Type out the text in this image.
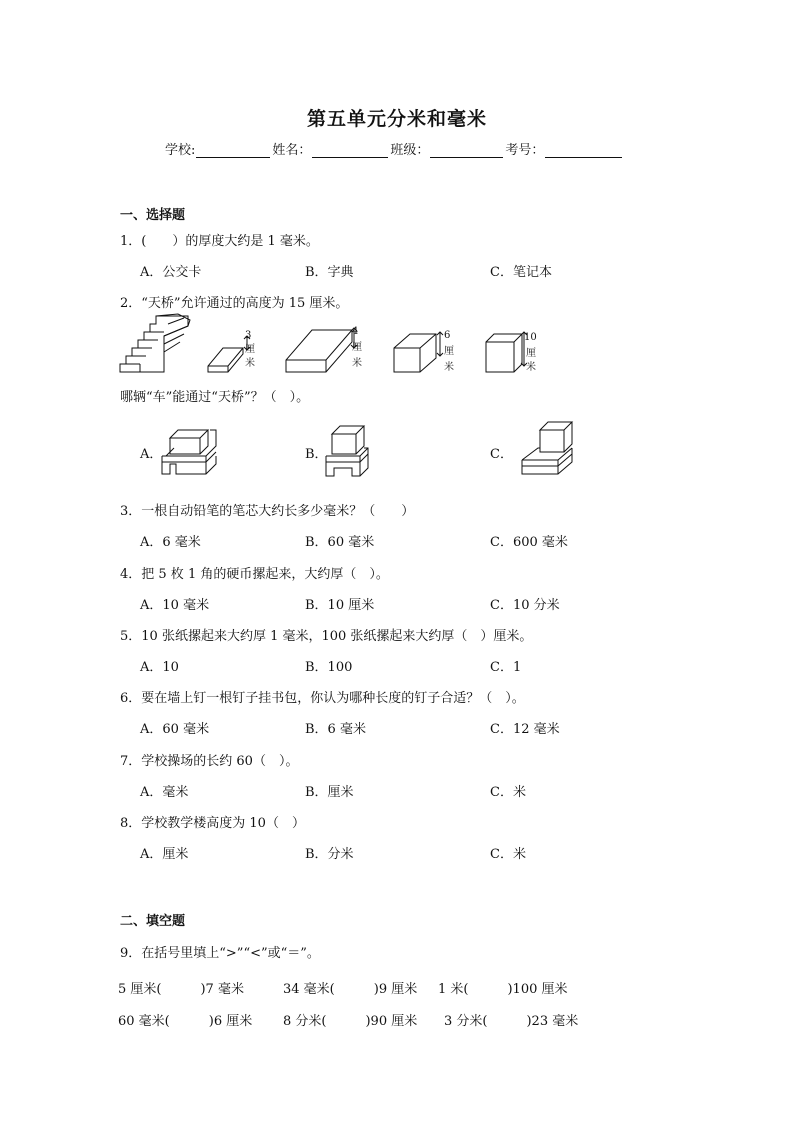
第五单元分米和毫米
学校:	姓名：	班级：	考号：
一、选择题
1．(　　）的厚度大约是 1 毫米。
A．公交卡	B．字典	C．笔记本
2．“天桥”允许通过的高度为 15 厘米。
3
厘
米
4
厘
米
6
厘
米
10
厘
米
哪辆“车”能通过“天桥”？（　）。
A．	B．	C．
3．一根自动铅笔的笔芯大约长多少毫米？（　　）
A．6 毫米	B．60 毫米	C．600 毫米
4．把 5 枚 1 角的硬币摞起来，大约厚（　）。
A．10 毫米	B．10 厘米	C．10 分米
5．10 张纸摞起来大约厚 1 毫米，100 张纸摞起来大约厚（　）厘米。
A．10	B．100	C．1
6．要在墙上钉一根钉子挂书包，你认为哪种长度的钉子合适？（　）。
A．60 毫米	B．6 毫米	C．12 毫米
7．学校操场的长约 60（　）。
A．毫米	B．厘米	C．米
8．学校教学楼高度为 10（　）
A．厘米	B．分米	C．米
二、填空题
9．在括号里填上“>”“<”或“＝”。
5 厘米(　　　)7 毫米	34 毫米(　　　)9 厘米 1 米(　　　)100 厘米
60 毫米(　　　)6 厘米 8 分米(　　　)90 厘米 3 分米(　　　)23 毫米
